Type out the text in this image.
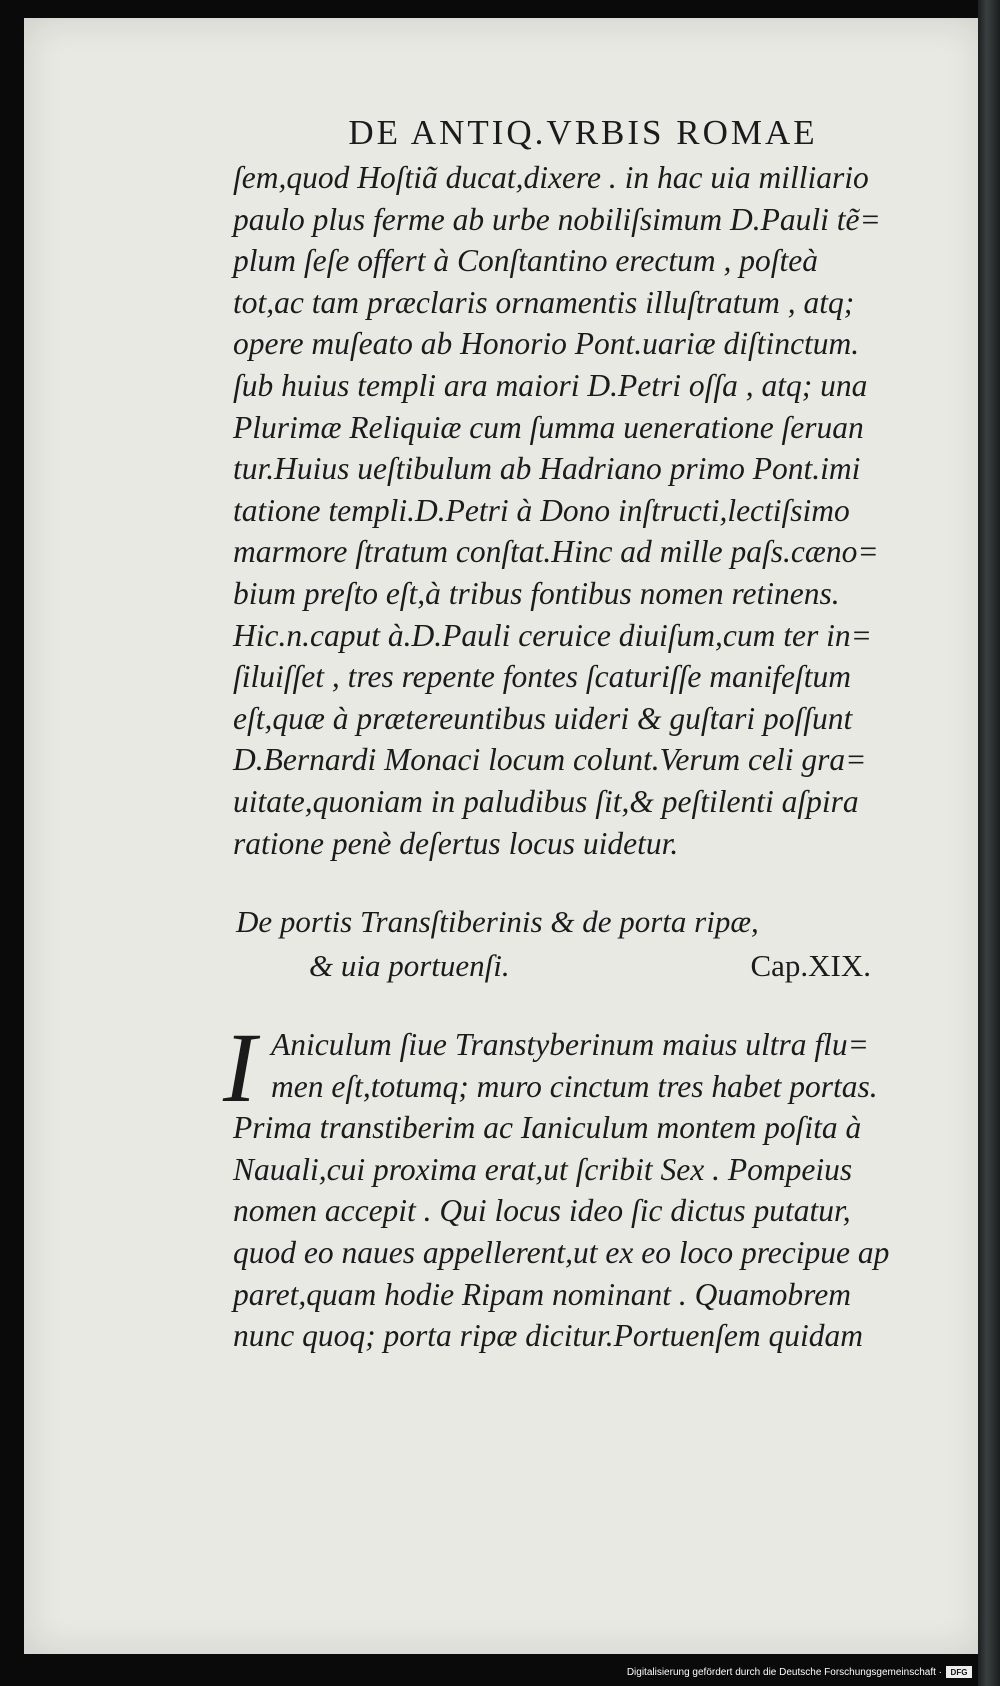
DE ANTIQ.VRBIS ROMAE
ſem,quod Hoſtiã ducat,dixere . in hac uia milliario
paulo plus ferme ab urbe nobiliſsimum D.Pauli tẽ=
plum ſeſe offert à Conſtantino erectum , poſteà
tot,ac tam præclaris ornamentis illuſtratum , atq;
opere muſeato ab Honorio Pont.uariæ diſtinctum.
ſub huius templi ara maiori D.Petri oſſa , atq; una
Plurimæ Reliquiæ cum ſumma ueneratione ſeruan
tur.Huius ueſtibulum ab Hadriano primo Pont.imi
tatione templi.D.Petri à Dono inſtructi,lectiſsimo
marmore ſtratum conſtat.Hinc ad mille paſs.cæno=
bium preſto eſt,à tribus fontibus nomen retinens.
Hic.n.caput à.D.Pauli ceruice diuiſum,cum ter in=
ſiluiſſet , tres repente fontes ſcaturiſſe manifeſtum
eſt,quæ à prætereuntibus uideri & guſtari poſſunt
D.Bernardi Monaci locum colunt.Verum celi gra=
uitate,quoniam in paludibus ſit,& peſtilenti aſpira
ratione penè deſertus locus uidetur.
De portis Transſtiberinis & de porta ripæ,
& uia portuenſi.	Cap.XIX.
I Aniculum ſiue Transtyberinum maius ultra flu=
men eſt,totumq; muro cinctum tres habet portas.
Prima transtiberim ac Ianiculum montem poſita à
Nauali,cui proxima erat,ut ſcribit Sex . Pompeius
nomen accepit . Qui locus ideo ſic dictus putatur,
quod eo naues appellerent,ut ex eo loco precipue ap
paret,quam hodie Ripam nominant . Quamobrem
nunc quoq; porta ripæ dicitur.Portuenſem quidam
Digitalisierung gefördert durch die Deutsche Forschungsgemeinschaft ·	DFG
